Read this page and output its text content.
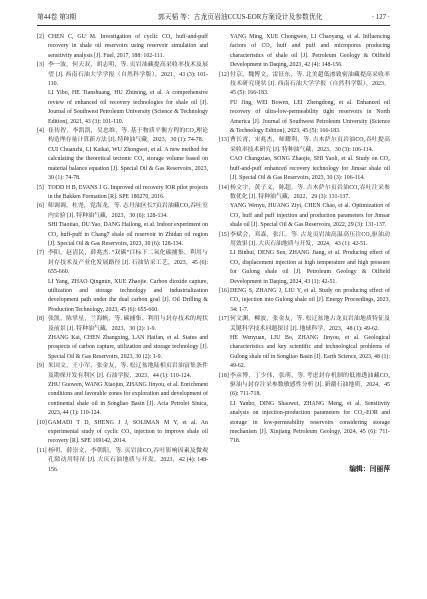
第44卷 第3期	郭天韬 等：古龙页岩油CCUS-EOR方案设计及参数优化	· 127 ·
[2] CHEN C, GU M. Investigation of cyclic CO₂ huff-and-puff recovery in shale oil reservoirs using reservoir simulation and sensitivity analysis [J]. Fuel, 2017, 188: 102-111.
[3] 李一波，何天双，胡志明，等. 页岩油藏提高采收率技术及展望 [J]. 西南石油大学学报（自然科学版），2021，43 (3): 101-110.
LI Yibo, HE Tianshuang, HU Zhiming, et al. A comprehensive review of enhanced oil recovery technologies for shale oil [J]. Journal of Southwest Petroleum University (Science & Technology Edition), 2021, 43 (3): 101-110.
[4] 崔传智，李凯凯，吴忠维，等. 基于物质平衡方程的CO₂理论构造埋存量计算新方法 [J]. 特种油气藏，2023，30 (1): 74-78.
CUI Chuanzhi, LI Kaikai, WU Zhongwei, et al. A new method for calculating the theoretical tectonic CO₂ storage volume based on material balance equation [J]. Special Oil & Gas Reservoirs, 2023, 30 (1): 74-78.
[5] TODD H B, EVANS J G. Improved oil recovery IOR pilot projects in the Bakken Formation [R]. SPE 180270, 2016.
[6] 师调调，杜尧，党海龙，等. 志丹油区长7页岩油藏CO₂吞吐室内实验 [J]. 特种油气藏，2023，30 (6): 128-134.
SHI Tiaotiao, DU Yao, DANG Hailong, et al. Indoor experiment on CO₂ huff-puff in Chang7 shale oil reservoir in Zhidan oil region [J]. Special Oil & Gas Reservoirs, 2023, 30 (6): 128-134.
[7] 李阳，赵清民，薛兆杰. “双碳”目标下二氧化碳捕集、利用与封存技术及产业化发展路径 [J]. 石油钻采工艺，2023，45 (6): 655-660.
LI Yang, ZHAO Qingmin, XUE Zhaojie. Carbon dioxide capture, utilization and storage technology and industrialization development path under the dual carbon goal [J]. Oil Drilling & Production Technology, 2023, 45 (6): 655-660.
[8] 张凯，陈掌星，兰海帆，等. 碳捕集、利用与封存技术的现状及前景 [J]. 特种油气藏，2023，30 (2): 1-9.
ZHANG Kai, CHEN Zhangxing, LAN Haifan, et al. Status and prospects of carbon capture, utilization and storage technology [J]. Special Oil & Gas Reservoirs, 2023, 30 (2): 1-9.
[9] 朱国文，王小军，张金友，等. 松辽盆地陆相页岩油富集条件及勘探开发有利区 [J]. 石油学报，2023，44 (1): 110-124.
ZHU Guowen, WANG Xiaojun, ZHANG Jinyou, et al. Enrichment conditions and favorable zones for exploration and development of continental shale oil in Songliao Basin [J]. Acta Petrolei Sinica, 2023, 44 (1): 110-124.
[10] GAMADI T D, SHENG J J, SOLIMAN M Y, et al. An experimental study of cyclic CO₂ injection to improve shale oil recovery [R]. SPE 169142, 2014.
[11] 杨明，薛崇文，李朝阳，等. 页岩油CO₂吞吐影响因素及微观孔隙动用特征 [J]. 大庆石油地质与开发，2023，42 (4): 148-156.
YANG Ming, XUE Chongwen, LI Chaoyang, et al. Influencing factors of CO₂ huff and puff and micropores producing characteristics of shale oil [J]. Petroleum Geology & Oilfield Development in Daqing, 2023, 42 (4): 148-156.
[12] 付京，魏博文，雷征东，等. 北美超低渗致密油藏提高采收率技术研究现状 [J]. 西南石油大学学报（自然科学版），2023，45 (5): 166-183.
FU Jing, WEI Bowen, LEI Zhengdong, et al. Enhanced oil recovery of ultra-low-permeability tight reservoirs in North America [J]. Journal of Southwest Petroleum University (Science & Technology Edition), 2023, 45 (5): 166-183.
[13] 曹长霄，宋兆杰，师耀利，等. 吉木萨尔页岩油CO₂吞吐提高采收率技术研究 [J]. 特种油气藏，2023，30 (3): 106-114.
CAO Changxiao, SONG Zhaojie, SHI Yaoli, et al. Study on CO₂ huff-and-puff enhanced recovery technology for Jimsar shale oil [J]. Special Oil & Gas Reservoirs, 2023, 30 (3): 106-114.
[14] 杨文宇，黄子义，陈超，等. 吉木萨尔页岩油CO₂吞吐注采参数优化 [J]. 特种油气藏，2022，29 (3): 131-137.
YANG Wenyu, HUANG Ziyi, CHEN Chao, et al. Optimization of CO₂ huff and puff injection and production parameters for Jimsar shale oil [J]. Special Oil & Gas Reservoirs, 2022, 29 (3): 131-137.
[15] 李斌会，邓森，张江，等. 古龙页岩油高温高压注CO₂驱油动用效果 [J]. 大庆石油地质与开发，2024，43 (1): 42-51.
LI Binhui, DENG Sen, ZHANG Jiang, et al. Producing effect of CO₂ displacement injection at high temperature and high pressure for Gulong shale oil [J]. Petroleum Geology & Oilfield Development in Daqing, 2024, 43 (1): 42-51.
[16] DENG S, ZHANG J, LIU Y, et al. Study on producing effect of CO₂ injection into Gulong shale oil [J]. Energy Proceedings, 2023, 34: 1-7.
[17] 何文渊，柳波，张金友，等. 松辽盆地古龙页岩油地质特征及关键科学技术问题探讨 [J]. 地球科学，2023，48 (1): 49-62.
HE Wenyuan, LIU Bo, ZHANG Jinyou, et al. Geological characteristics and key scientific and technological problems of Gulong shale oil in Songliao Basin [J]. Earth Science, 2023, 48 (1): 49-62.
[18] 李彦博，丁少伟，张萌，等. 考虑封存机制的低渗透油藏CO₂驱油与封存注采参数敏感性分析 [J]. 新疆石油地质，2024，45 (6): 711-718.
LI Yanbo, DING Shaowei, ZHANG Meng, et al. Sensitivity analysis on injection-production parameters for CO₂-EOR and storage in low-permeability reservoirs considering storage mechanism [J]. Xinjiang Petroleum Geology, 2024, 45 (6): 711-718.
编辑：闫丽萍
